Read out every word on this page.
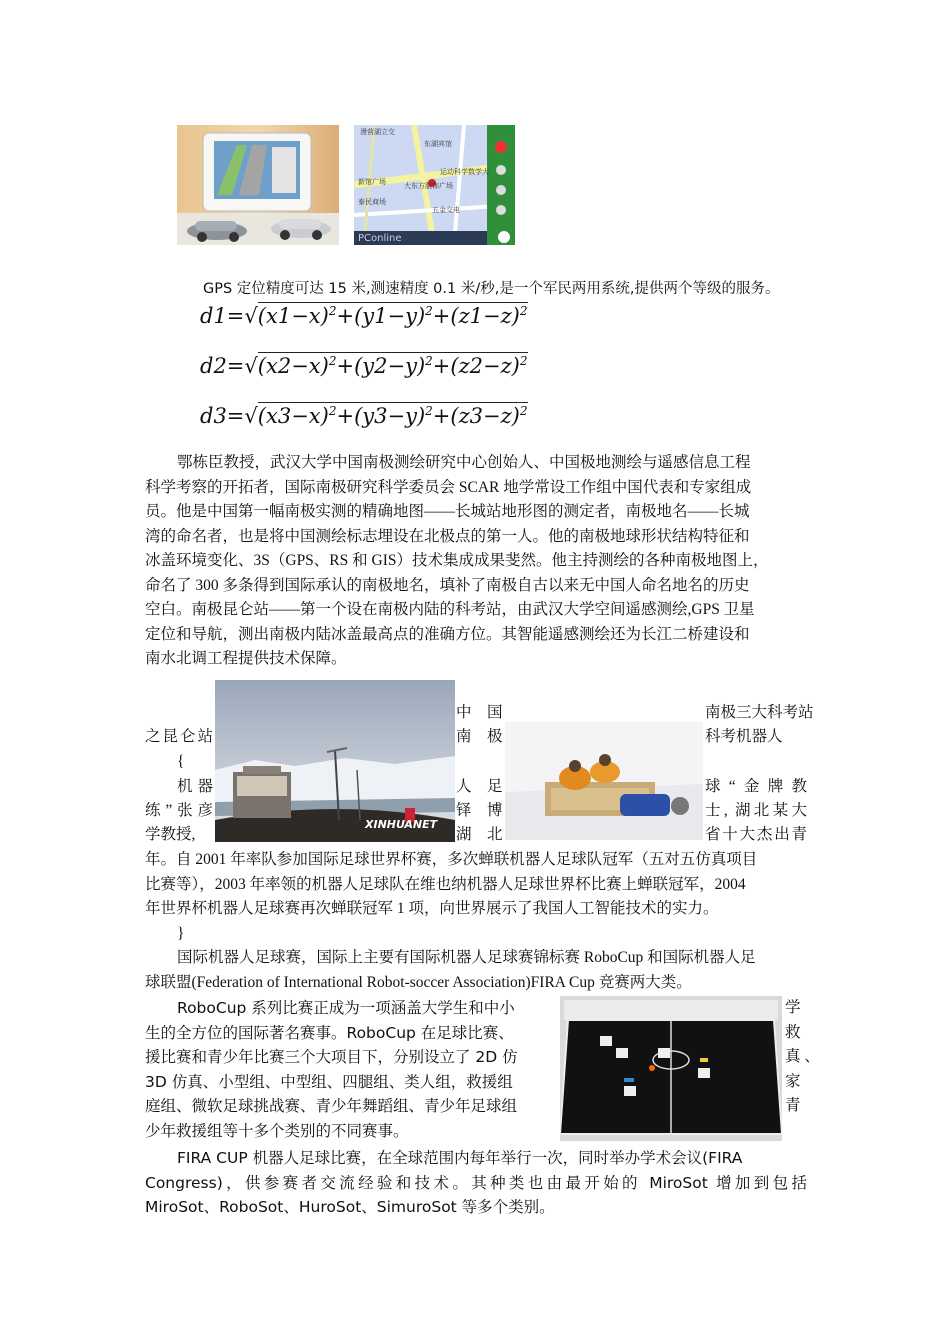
漫营湖立交
东湖宾馆
运动科学数学大
新馆广场	大东方服饰广场
泰民商场
五金交电
PConline
GPS 定位精度可达 15 米,测速精度 0.1 米/秒,是一个军民两用系统,提供两个等级的服务。
$d1=√(x1-x)^2+(y1-y)^2+(z1-z)^2$
$d2=√(x2-x)^2+(y2-y)^2+(z2-z)^2$
$d3=√(x3-x)^2+(y3-y)^2+(z3-z)^2$
鄂栋臣教授，武汉大学中国南极测绘研究中心创始人、中国极地测绘与遥感信息工程
科学考察的开拓者，国际南极研究科学委员会 SCAR 地学常设工作组中国代表和专家组成
员。他是中国第一幅南极实测的精确地图——长城站地形图的测定者，南极地名——长城
湾的命名者，也是将中国测绘标志埋设在北极点的第一人。他的南极地球形状结构特征和
冰盖环境变化、3S（GPS、RS 和 GIS）技术集成成果斐然。他主持测绘的各种南极地图上，
命名了 300 多条得到国际承认的南极地名，填补了南极自古以来无中国人命名地名的历史
空白。南极昆仑站——第一个设在南极内陆的科考站，由武汉大学空间遥感测绘,GPS 卫星
定位和导航，测出南极内陆冰盖最高点的准确方位。其智能遥感测绘还为长江二桥建设和
南水北调工程提供技术保障。
XINHUANET
中　国	南极三大科考站
之昆仑站	南　极	科考机器人
{
机器	人　足	球“金牌教
练”张彦	铎　博	士, 湖北某大
学教授,	湖　北	省十大杰出青
年。自 2001 年率队参加国际足球世界杯赛，多次蝉联机器人足球队冠军（五对五仿真项目
比赛等），2003 年率领的机器人足球队在维也纳机器人足球世界杯比赛上蝉联冠军，2004
年世界杯机器人足球赛再次蝉联冠军 1 项，向世界展示了我国人工智能技术的实力。
}
国际机器人足球赛，国际上主要有国际机器人足球赛锦标赛 RoboCup 和国际机器人足
球联盟(Federation of International Robot-soccer Association)FIRA Cup 竞赛两大类。
RoboCup 系列比赛正成为一项涵盖大学生和中小	学
生的全方位的国际著名赛事。RoboCup 在足球比赛、	救
援比赛和青少年比赛三个大项目下，分别设立了 2D 仿	真 、
3D 仿真、小型组、中型组、四腿组、类人组，救援组	家
庭组、微软足球挑战赛、青少年舞蹈组、青少年足球组	青
少年救援组等十多个类别的不同赛事。
FIRA CUP 机器人足球比赛，在全球范围内每年举行一次，同时举办学术会议(FIRA
Congress)，供参赛者交流经验和技术。其种类也由最开始的 MiroSot 增加到包括
MiroSot、RoboSot、HuroSot、SimuroSot 等多个类别。
